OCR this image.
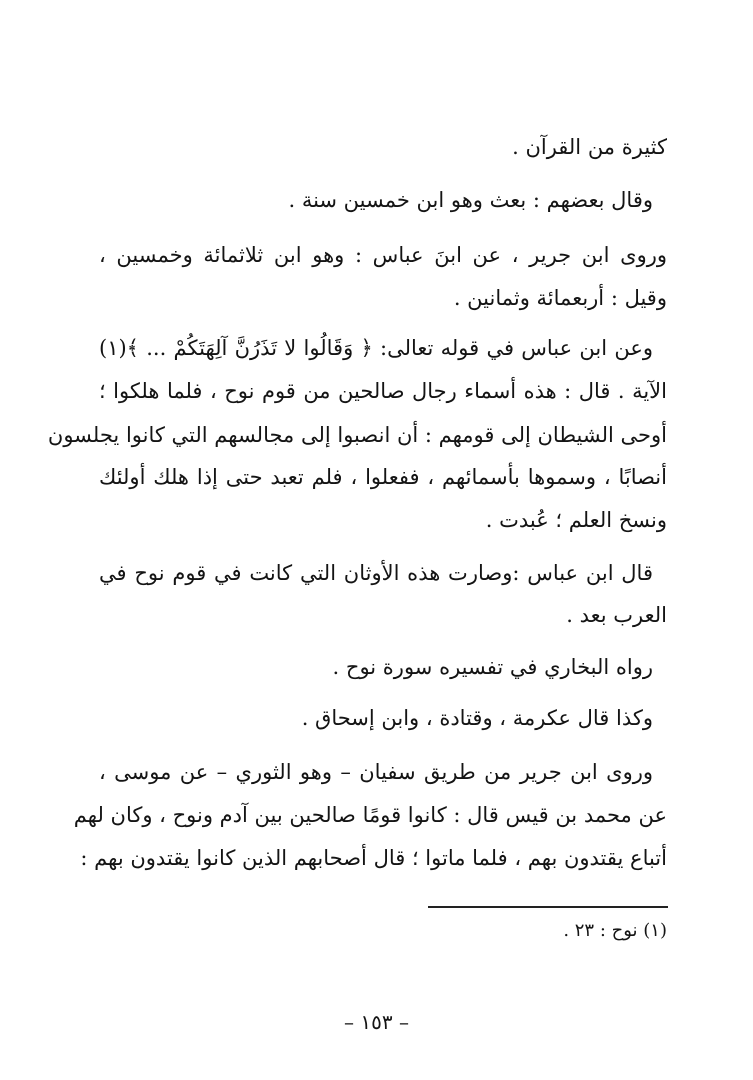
كثيرة من القرآن .
وقال بعضهم : بعث وهو ابن خمسين سنة .
وروى ابن جرير ، عن ابنَ عباس : وهو ابن ثلاثمائة وخمسين ،
وقيل : أربعمائة وثمانين .
وعن ابن عباس في قوله تعالى: ﴿ وَقَالُوا لا تَذَرُنَّ آلِهَتَكُمْ ... ﴾(١)
الآية . قال : هذه أسماء رجال صالحين من قوم نوح ، فلما هلكوا ؛
أوحى الشيطان إلى قومهم : أن انصبوا إلى مجالسهم التي كانوا يجلسون
أنصابًا ، وسموها بأسمائهم ، ففعلوا ، فلم تعبد حتى إذا هلك أولئك
ونسخ العلم ؛ عُبدت .
قال ابن عباس :وصارت هذه الأوثان التي كانت في قوم نوح في
العرب بعد .
رواه البخاري في تفسيره سورة نوح .
وكذا قال عكرمة ، وقتادة ، وابن إسحاق .
وروى ابن جرير من طريق سفيان – وهو الثوري – عن موسى ،
عن محمد بن قيس قال : كانوا قومًا صالحين بين آدم ونوح ، وكان لهم
أتباع يقتدون بهم ، فلما ماتوا ؛ قال أصحابهم الذين كانوا يقتدون بهم :
(١) نوح : ٢٣ .
– ١٥٣ –
